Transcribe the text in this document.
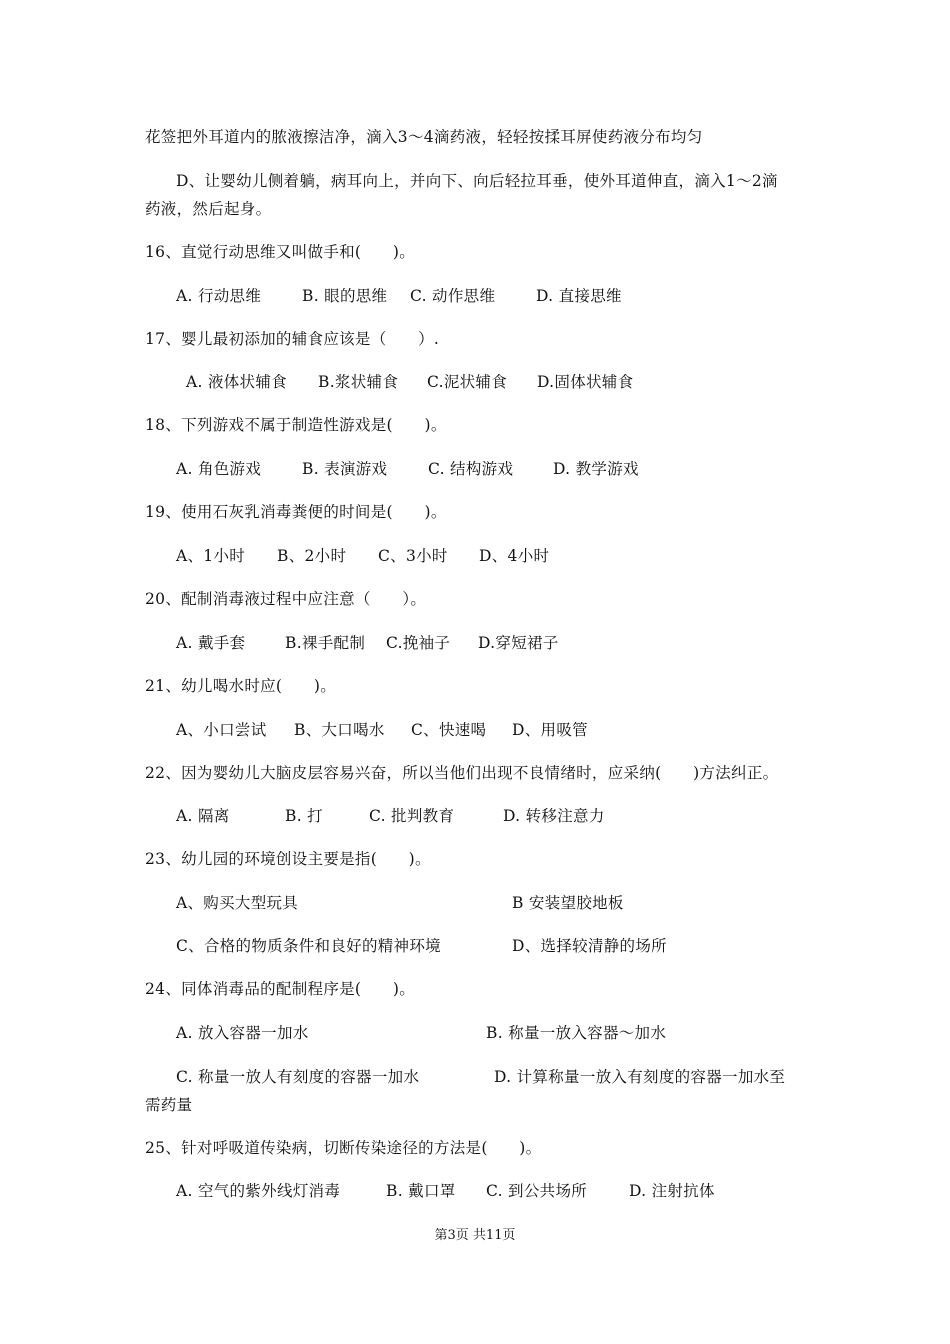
花签把外耳道内的脓液擦洁净，滴入3～4滴药液，轻轻按揉耳屏使药液分布均匀
D、让婴幼儿侧着躺，病耳向上，并向下、向后轻拉耳垂，使外耳道伸直，滴入1～2滴
药液，然后起身。
16、直觉行动思维又叫做手和(　　)。
A. 行动思维	B. 眼的思维 C. 动作思维	D. 直接思维
17、婴儿最初添加的辅食应该是（　　）.
A. 液体状辅食 B.浆状辅食 C.泥状辅食 D.固体状辅食
18、下列游戏不属于制造性游戏是(　　)。
A. 角色游戏	B. 表演游戏	C. 结构游戏	D. 教学游戏
19、使用石灰乳消毒粪便的时间是(　　)。
A、1小时 B、2小时 C、3小时 D、4小时
20、配制消毒液过程中应注意（　　）。
A. 戴手套	B.裸手配制 C.挽袖子 D.穿短裙子
21、幼儿喝水时应(　　)。
A、小口尝试 B、大口喝水 C、快速喝 D、用吸管
22、因为婴幼儿大脑皮层容易兴奋，所以当他们出现不良情绪时，应采纳(　　)方法纠正。
A. 隔离	B. 打	C. 批判教育	D. 转移注意力
23、幼儿园的环境创设主要是指(　　)。
A、购买大型玩具	B 安装望胶地板
C、合格的物质条件和良好的精神环境	D、选择较清静的场所
24、同体消毒品的配制程序是(　　)。
A. 放入容器一加水	B. 称量一放入容器～加水
C. 称量一放人有刻度的容器一加水	D. 计算称量一放入有刻度的容器一加水至
需药量
25、针对呼吸道传染病，切断传染途径的方法是(　　)。
A. 空气的紫外线灯消毒	B. 戴口罩 C. 到公共场所	D. 注射抗体
第3页 共11页
